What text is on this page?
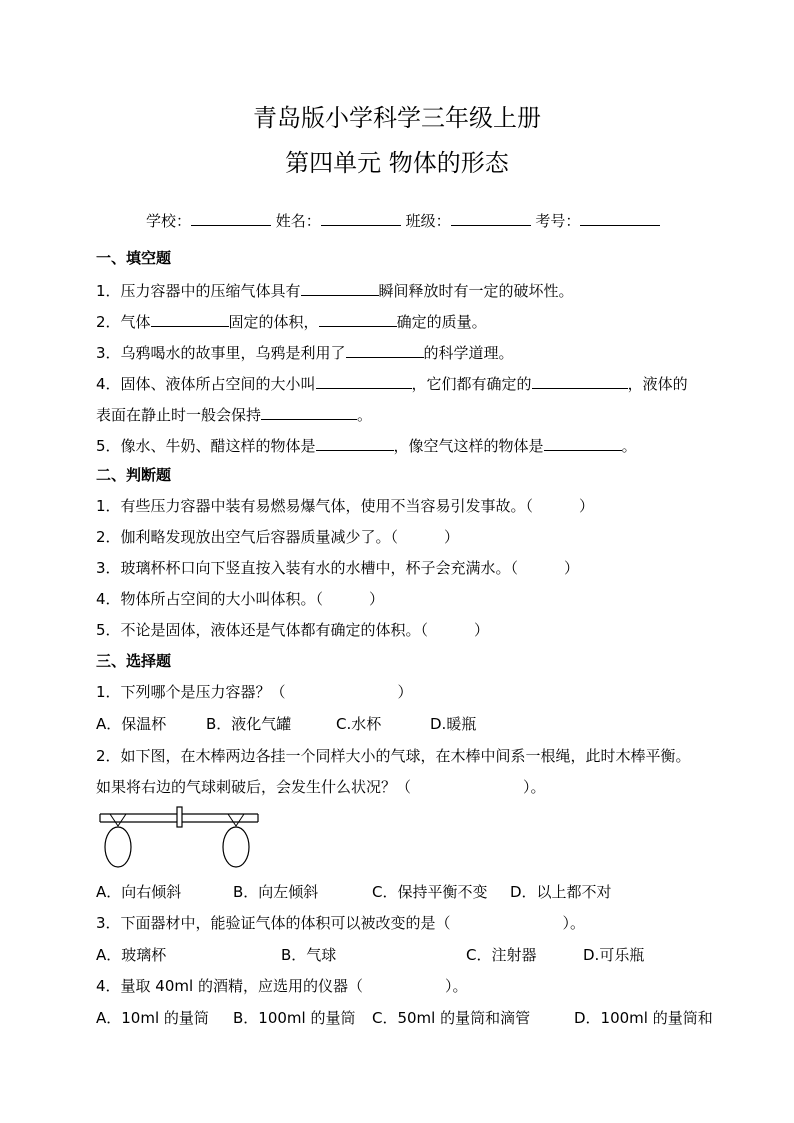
青岛版小学科学三年级上册
第四单元 物体的形态
学校：	姓名：	班级：	考号：
一、填空题
1．压力容器中的压缩气体具有	瞬间释放时有一定的破坏性。
2．气体	固定的体积，	确定的质量。
3．乌鸦喝水的故事里，乌鸦是利用了	的科学道理。
4．固体、液体所占空间的大小叫	，它们都有确定的	，液体的
表面在静止时一般会保持	。
5．像水、牛奶、醋这样的物体是	，像空气这样的物体是	。
二、判断题
1．有些压力容器中装有易燃易爆气体，使用不当容易引发事故。（	）
2．伽利略发现放出空气后容器质量减少了。（	）
3．玻璃杯杯口向下竖直按入装有水的水槽中，杯子会充满水。（	）
4．物体所占空间的大小叫体积。（	）
5．不论是固体，液体还是气体都有确定的体积。（	）
三、选择题
1．下列哪个是压力容器？（	）
A．保温杯	B．液化气罐	C.水杯	D.暖瓶
2．如下图，在木棒两边各挂一个同样大小的气球，在木棒中间系一根绳，此时木棒平衡。
如果将右边的气球刺破后，会发生什么状况？（	）。
A．向右倾斜	B．向左倾斜	C．保持平衡不变 D．以上都不对
3．下面器材中，能验证气体的体积可以被改变的是（	）。
A．玻璃杯	B．气球	C．注射器	D.可乐瓶
4．量取 40ml 的酒精，应选用的仪器（	）。
A．10ml 的量筒 B．100ml 的量筒 C．50ml 的量筒和滴管	D．100ml 的量筒和
